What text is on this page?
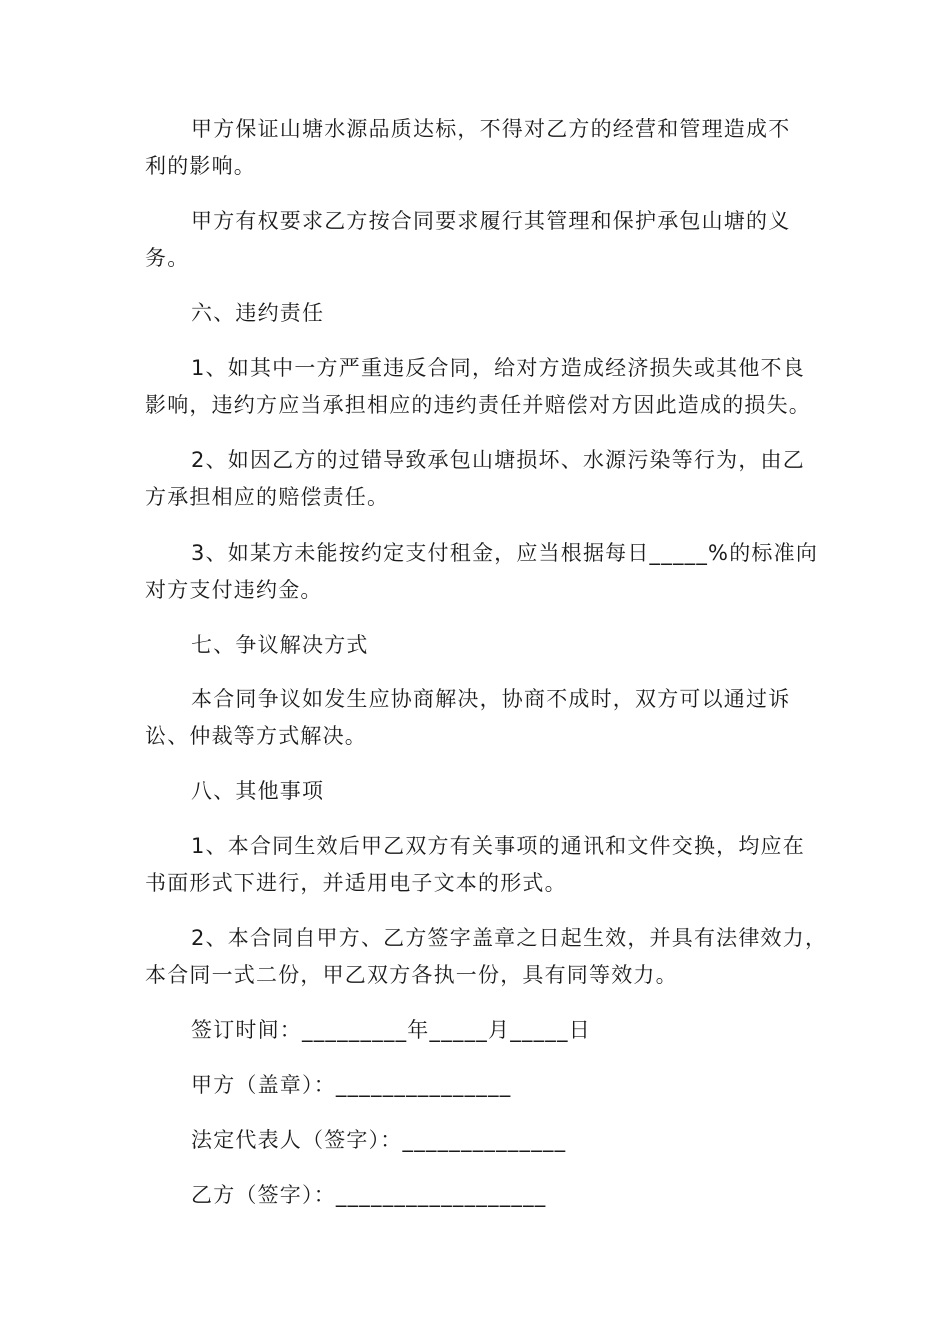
甲方保证山塘水源品质达标，不得对乙方的经营和管理造成不
利的影响。
甲方有权要求乙方按合同要求履行其管理和保护承包山塘的义
务。
六、违约责任
1、如其中一方严重违反合同，给对方造成经济损失或其他不良
影响，违约方应当承担相应的违约责任并赔偿对方因此造成的损失。
2、如因乙方的过错导致承包山塘损坏、水源污染等行为，由乙
方承担相应的赔偿责任。
3、如某方未能按约定支付租金，应当根据每日_____%的标准向
对方支付违约金。
七、争议解决方式
本合同争议如发生应协商解决，协商不成时，双方可以通过诉
讼、仲裁等方式解决。
八、其他事项
1、本合同生效后甲乙双方有关事项的通讯和文件交换，均应在
书面形式下进行，并适用电子文本的形式。
2、本合同自甲方、乙方签字盖章之日起生效，并具有法律效力，
本合同一式二份，甲乙双方各执一份，具有同等效力。
签订时间：_________年_____月_____日
甲方（盖章）：_______________
法定代表人（签字）：______________
乙方（签字）：__________________
